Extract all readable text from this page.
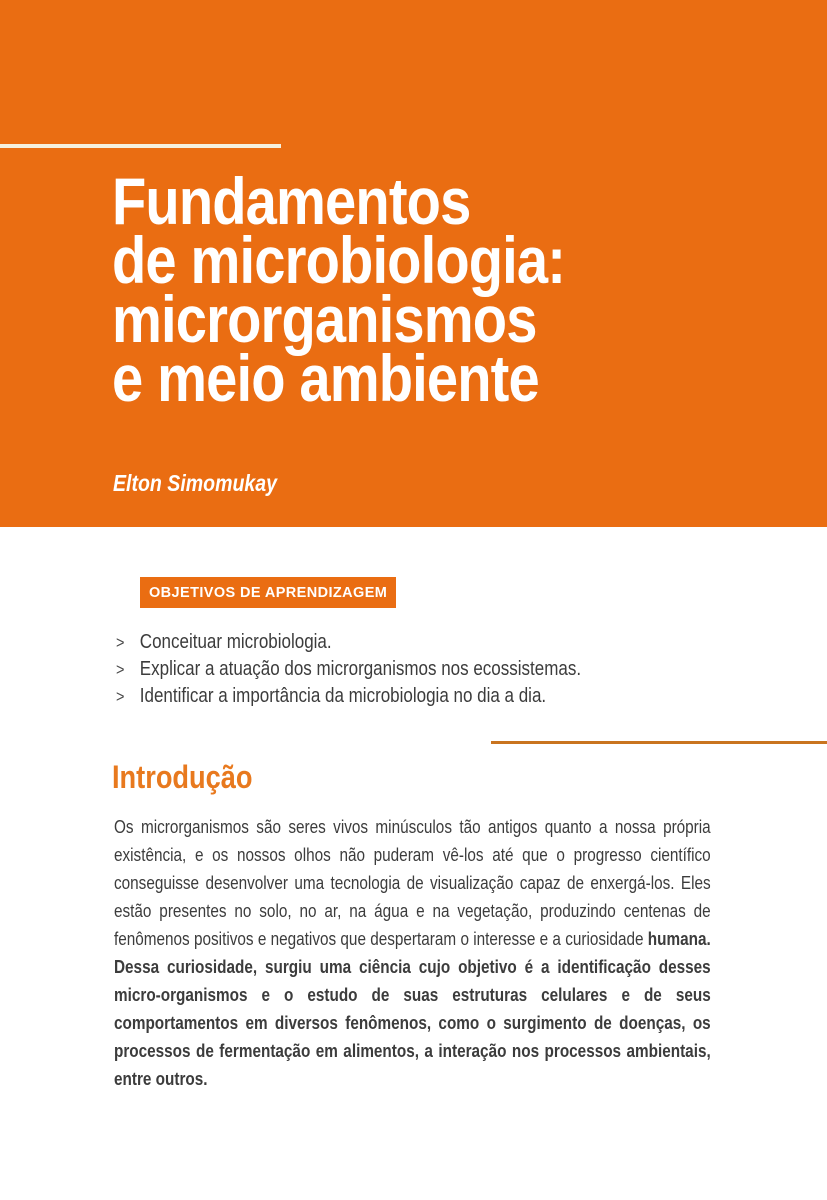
Fundamentos
de microbiologia:
microrganismos
e meio ambiente
Elton Simomukay
OBJETIVOS DE APRENDIZAGEM
> Conceituar microbiologia.
> Explicar a atuação dos microrganismos nos ecossistemas.
> Identificar a importância da microbiologia no dia a dia.
Introdução

Os microrganismos são seres vivos minúsculos tão antigos quanto a nossa própria existência, e os nossos olhos não puderam vê-los até que o progresso científico conseguisse desenvolver uma tecnologia de visualização capaz de enxergá-los. Eles estão presentes no solo, no ar, na água e na vegetação, produzindo centenas de fenômenos positivos e negativos que despertaram o interesse e a curiosidade humana. Dessa curiosidade, surgiu uma ciência cujo objetivo é a identificação desses micro-organismos e o estudo de suas estruturas celulares e de seus comportamentos em diversos fenômenos, como o surgimento de doenças, os processos de fermentação em alimentos, a interação nos processos ambientais, entre outros.
